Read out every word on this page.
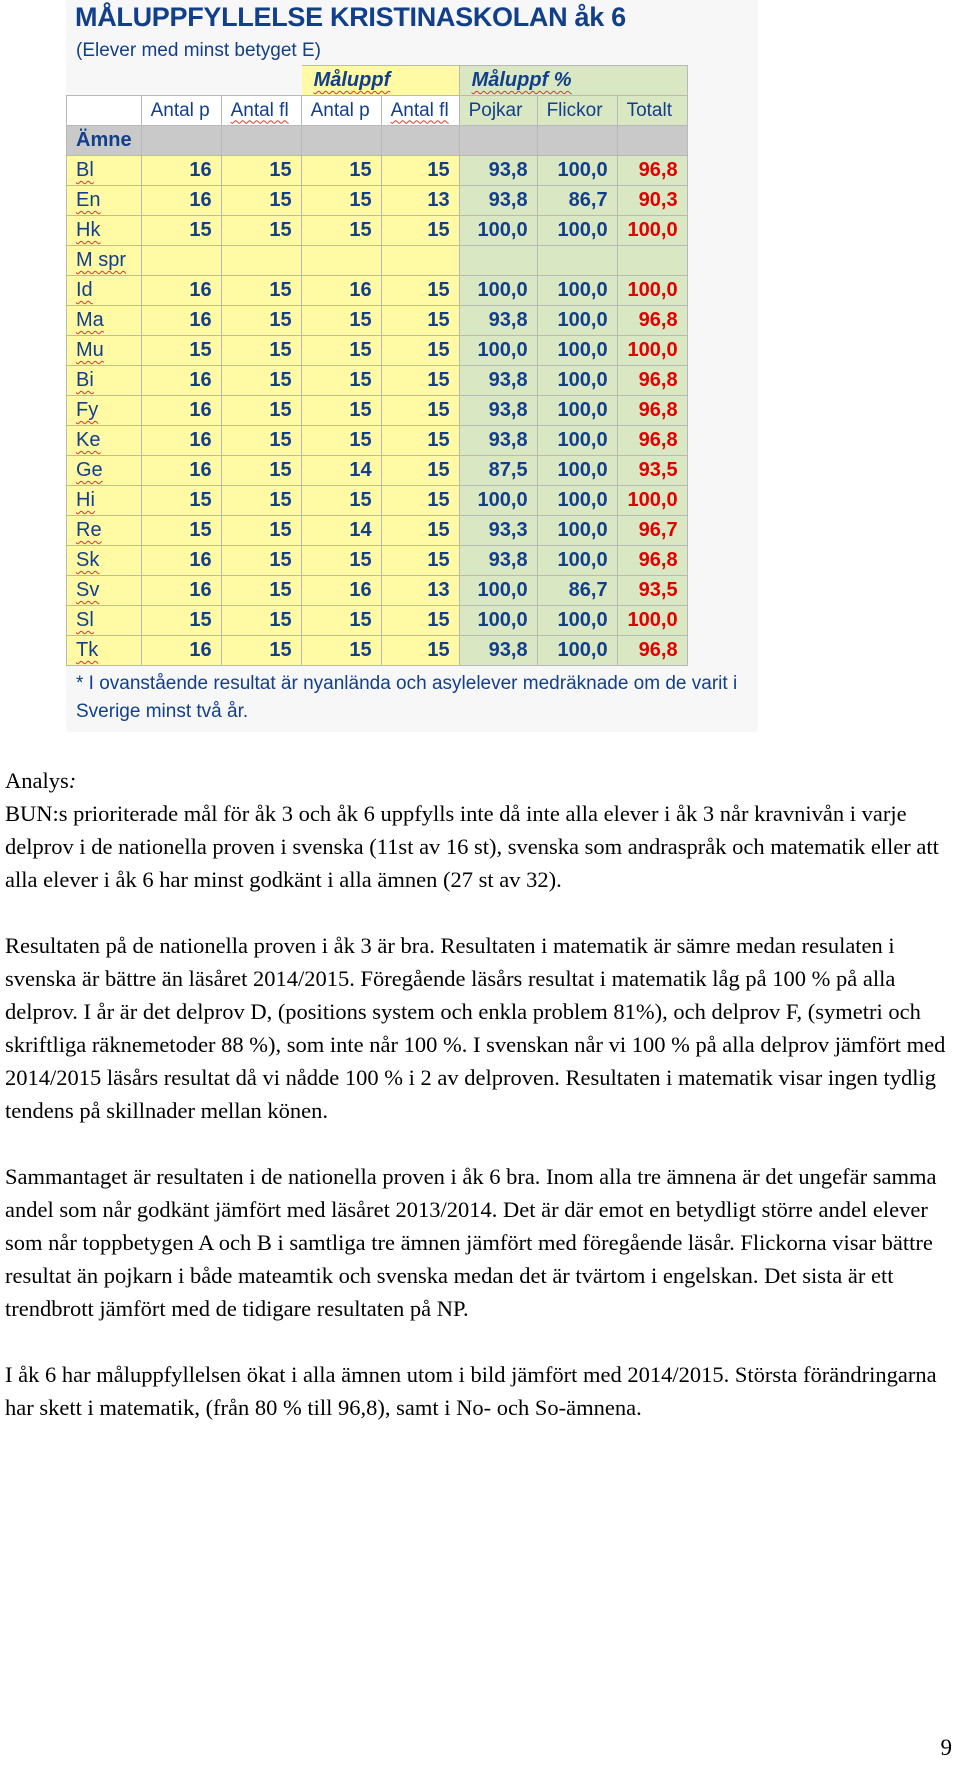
MÅLUPPFYLLELSE KRISTINASKOLAN åk 6
(Elever med minst betyget E)
			Måluppf		Måluppf %		
	Antal p	Antal fl	Antal p	Antal fl	Pojkar	Flickor	Totalt
Ämne							
Bl	16	15	15	15	93,8	100,0	96,8
En	16	15	15	13	93,8	86,7	90,3
Hk	15	15	15	15	100,0	100,0	100,0
M spr							
Id	16	15	16	15	100,0	100,0	100,0
Ma	16	15	15	15	93,8	100,0	96,8
Mu	15	15	15	15	100,0	100,0	100,0
Bi	16	15	15	15	93,8	100,0	96,8
Fy	16	15	15	15	93,8	100,0	96,8
Ke	16	15	15	15	93,8	100,0	96,8
Ge	16	15	14	15	87,5	100,0	93,5
Hi	15	15	15	15	100,0	100,0	100,0
Re	15	15	14	15	93,3	100,0	96,7
Sk	16	15	15	15	93,8	100,0	96,8
Sv	16	15	16	13	100,0	86,7	93,5
Sl	15	15	15	15	100,0	100,0	100,0
Tk	16	15	15	15	93,8	100,0	96,8
* I ovanstående resultat är nyanlända och asylelever medräknade om de varit i Sverige minst två år.
Analys:

BUN:s prioriterade mål för åk 3 och åk 6 uppfylls inte då inte alla elever i åk 3 når kravnivån i varje delprov i de nationella proven i svenska (11st av 16 st), svenska som andraspråk och matematik eller att alla elever i åk 6 har minst godkänt i alla ämnen (27 st av 32).

Resultaten på de nationella proven i åk 3 är bra. Resultaten i matematik är sämre medan resulaten i svenska är bättre än läsåret 2014/2015. Föregående läsårs resultat i matematik låg på 100 % på alla delprov. I år är det delprov D, (positions system och enkla problem 81%), och delprov F, (symetri och skriftliga räknemetoder 88 %), som inte når 100 %. I svenskan når vi 100 % på alla delprov jämfört med 2014/2015 läsårs resultat då vi nådde 100 % i 2 av delproven. Resultaten i matematik visar ingen tydlig tendens på skillnader mellan könen.

Sammantaget är resultaten i de nationella proven i åk 6 bra. Inom alla tre ämnena är det ungefär samma andel som når godkänt jämfört med läsåret 2013/2014. Det är där emot en betydligt större andel elever som når toppbetygen A och B i samtliga tre ämnen jämfört med föregående läsår. Flickorna visar bättre resultat än pojkarn i både mateamtik och svenska medan det är tvärtom i engelskan. Det sista är ett trendbrott jämfört med de tidigare resultaten på NP.

I åk 6 har måluppfyllelsen ökat i alla ämnen utom i bild jämfört med 2014/2015. Största förändringarna har skett i matematik, (från 80 % till 96,8), samt i No- och So-ämnena.

9
